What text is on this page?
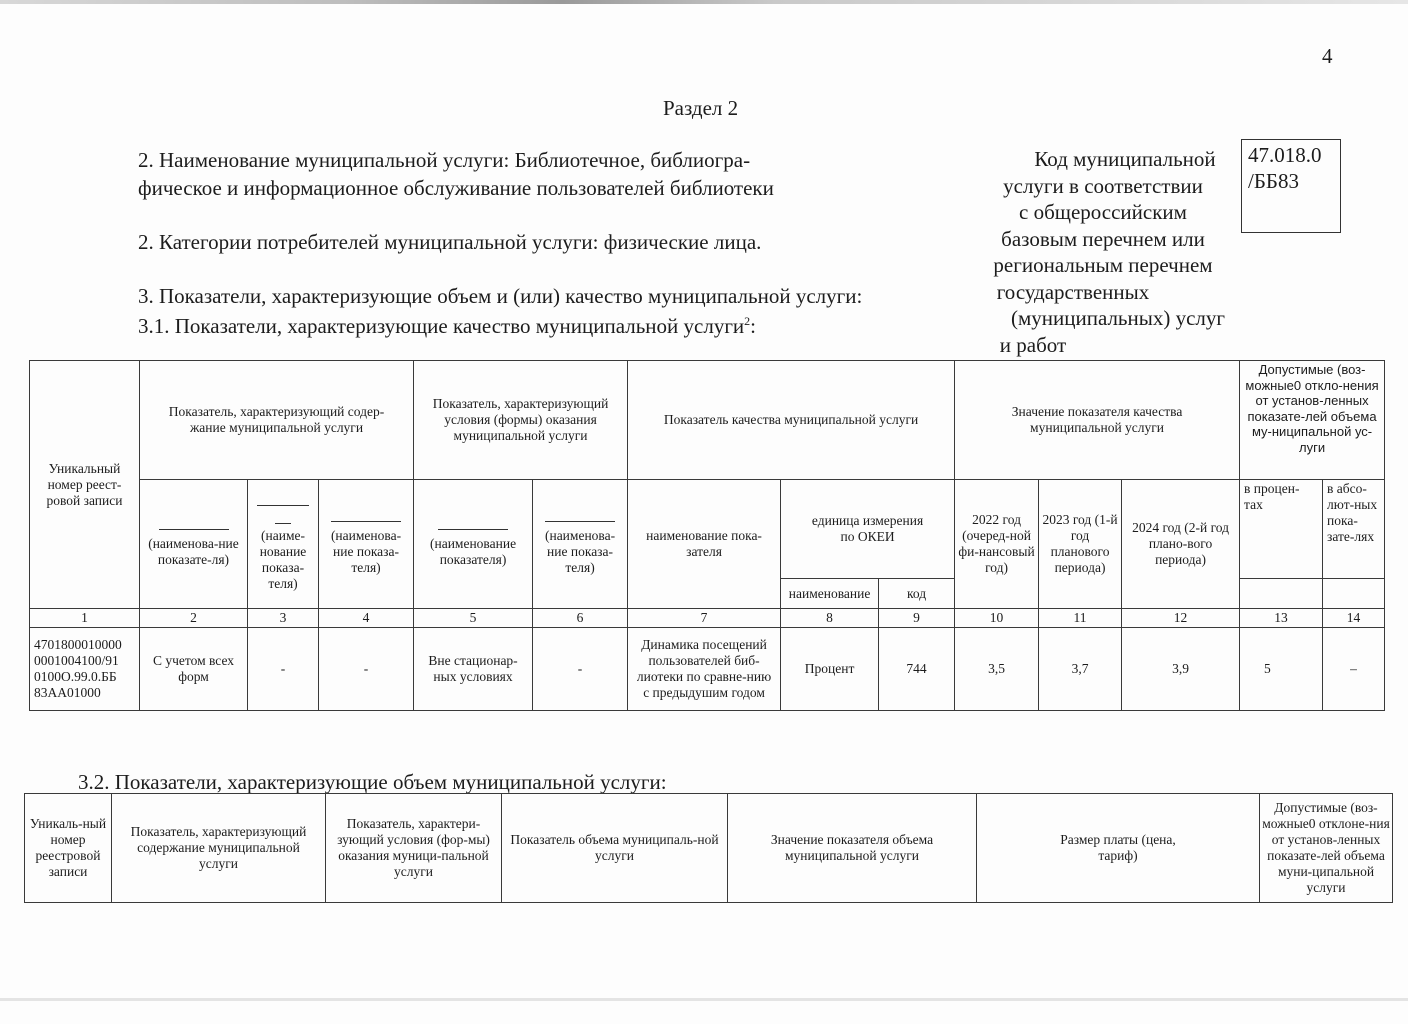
4
Раздел 2
2. Наименование муниципальной услуги: Библиотечное, библиогра-
фическое и информационное обслуживание пользователей библиотеки
2. Категории потребителей муниципальной услуги: физические лица.
3. Показатели, характеризующие объем и (или) качество муниципальной услуги:
3.1. Показатели, характеризующие качество муниципальной услуги$^2$:
Код муниципальной
услуги в соответствии
с общероссийским
базовым перечнем или
региональным перечнем
государственных
(муниципальных) услуг
и работ
47.018.0
/ББ83
Уникальный номер реест-ровой записи	Показатель, характеризующий содер-жание муниципальной услуги			Показатель, характеризующий условия (формы) оказания муниципальной услуги		Показатель качества муниципальной услуги			Значение показателя качества муниципальной услуги			Допустимые (воз-можные0 откло-нения от установ-ленных показате-лей объема му-ниципальной ус-луги	

(наименова-ние показате-ля)	(наиме-нование показа-теля)	(наименова-ние показа-теля)	(наименование показателя)	(наименова-ние показа-теля)	наименование пока-зателя	единица измерения по ОКЕИ		2022 год (очеред-ной фи-нансовый год)	2023 год (1-й год планового периода)	2024 год (2-й год плано-вого периода)	в процен-тах	в абсо-лют-ных пока-зате-лях
							наименование	код					
1	2	3	4	5	6	7	8	9	10	11	12	13	14

4701800010000
0001004100/91
0100О.99.0.ББ
83АА01000	С учетом всех форм	-	-	Вне стационар-ных условиях	-	Динамика посещений пользователей биб-лиотеки по сравне-нию с предыдушим годом	Процент	744	3,5	3,7	3,9	5	–
3.2. Показатели, характеризующие объем муниципальной услуги:
Уникаль-ный номер реестровой записи	Показатель, характеризующий содержание муниципальной услуги	Показатель, характери-зующий условия (фор-мы) оказания муници-пальной услуги	Показатель объема муниципаль-ной услуги	Значение показателя объема муниципальной услуги	Размер платы (цена, тариф)	Допустимые (воз-можные0 отклоне-ния от установ-ленных показате-лей объема муни-ципальной услуги
